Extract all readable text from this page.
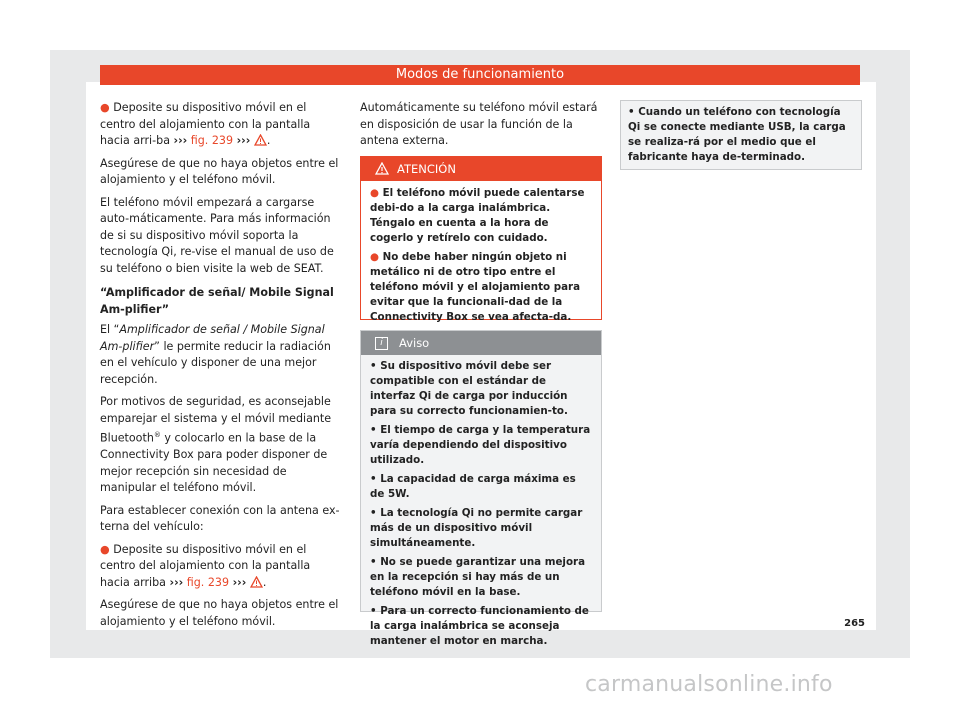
Modos de funcionamiento

● Deposite su dispositivo móvil en el centro del alojamiento con la pantalla hacia arri-ba ››› fig. 239 ››› .

Asegúrese de que no haya objetos entre el alojamiento y el teléfono móvil.

El teléfono móvil empezará a cargarse auto-máticamente. Para más información de si su dispositivo móvil soporta la tecnología Qi, re-vise el manual de uso de su teléfono o bien visite la web de SEAT.

“Amplificador de señal/ Mobile Signal Am-plifier”

El “Amplificador de señal / Mobile Signal Am-plifier” le permite reducir la radiación en el vehículo y disponer de una mejor recepción.

Por motivos de seguridad, es aconsejable emparejar el sistema y el móvil mediante Bluetooth® y colocarlo en la base de la Connectivity Box para poder disponer de mejor recepción sin necesidad de manipular el teléfono móvil.

Para establecer conexión con la antena ex-terna del vehículo:

● Deposite su dispositivo móvil en el centro del alojamiento con la pantalla hacia arriba ››› fig. 239 ››› .

Asegúrese de que no haya objetos entre el alojamiento y el teléfono móvil.

Automáticamente su teléfono móvil estará en disposición de usar la función de la antena externa.

ATENCIÓN

● El teléfono móvil puede calentarse debi-do a la carga inalámbrica. Téngalo en cuenta a la hora de cogerlo y retírelo con cuidado.

● No debe haber ningún objeto ni metálico ni de otro tipo entre el teléfono móvil y el alojamiento para evitar que la funcionali-dad de la Connectivity Box se vea afecta-da.

i	Aviso

• Su dispositivo móvil debe ser compatible con el estándar de interfaz Qi de carga por inducción para su correcto funcionamien-to.

• El tiempo de carga y la temperatura varía dependiendo del dispositivo utilizado.

• La capacidad de carga máxima es de 5W.

• La tecnología Qi no permite cargar más de un dispositivo móvil simultáneamente.

• No se puede garantizar una mejora en la recepción si hay más de un teléfono móvil en la base.

• Para un correcto funcionamiento de la carga inalámbrica se aconseja mantener el motor en marcha.

• Cuando un teléfono con tecnología Qi se conecte mediante USB, la carga se realiza-rá por el medio que el fabricante haya de-terminado.
265
carmanualsonline.info
